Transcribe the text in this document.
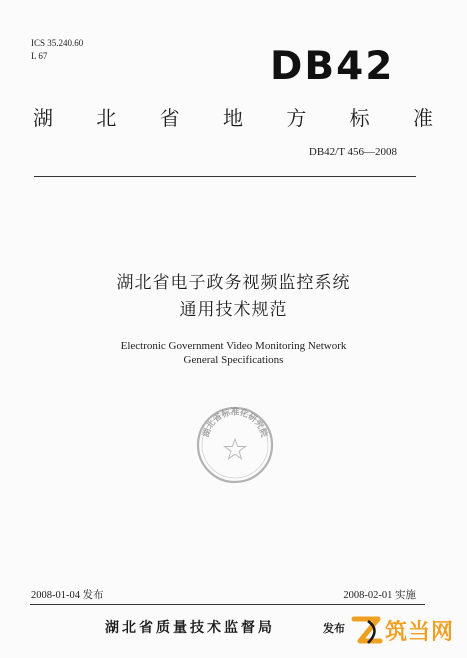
ICS 35.240.60
L 67	DB42
湖 北 省 地 方 标 准
DB42/T 456—2008
湖北省电子政务视频监控系统
通用技术规范
Electronic Government Video Monitoring Network
General Specifications
湖北省标准化研究院
2008-01-04 发布	2008-02-01 实施
湖北省质量技术监督局	发布 筑当网
